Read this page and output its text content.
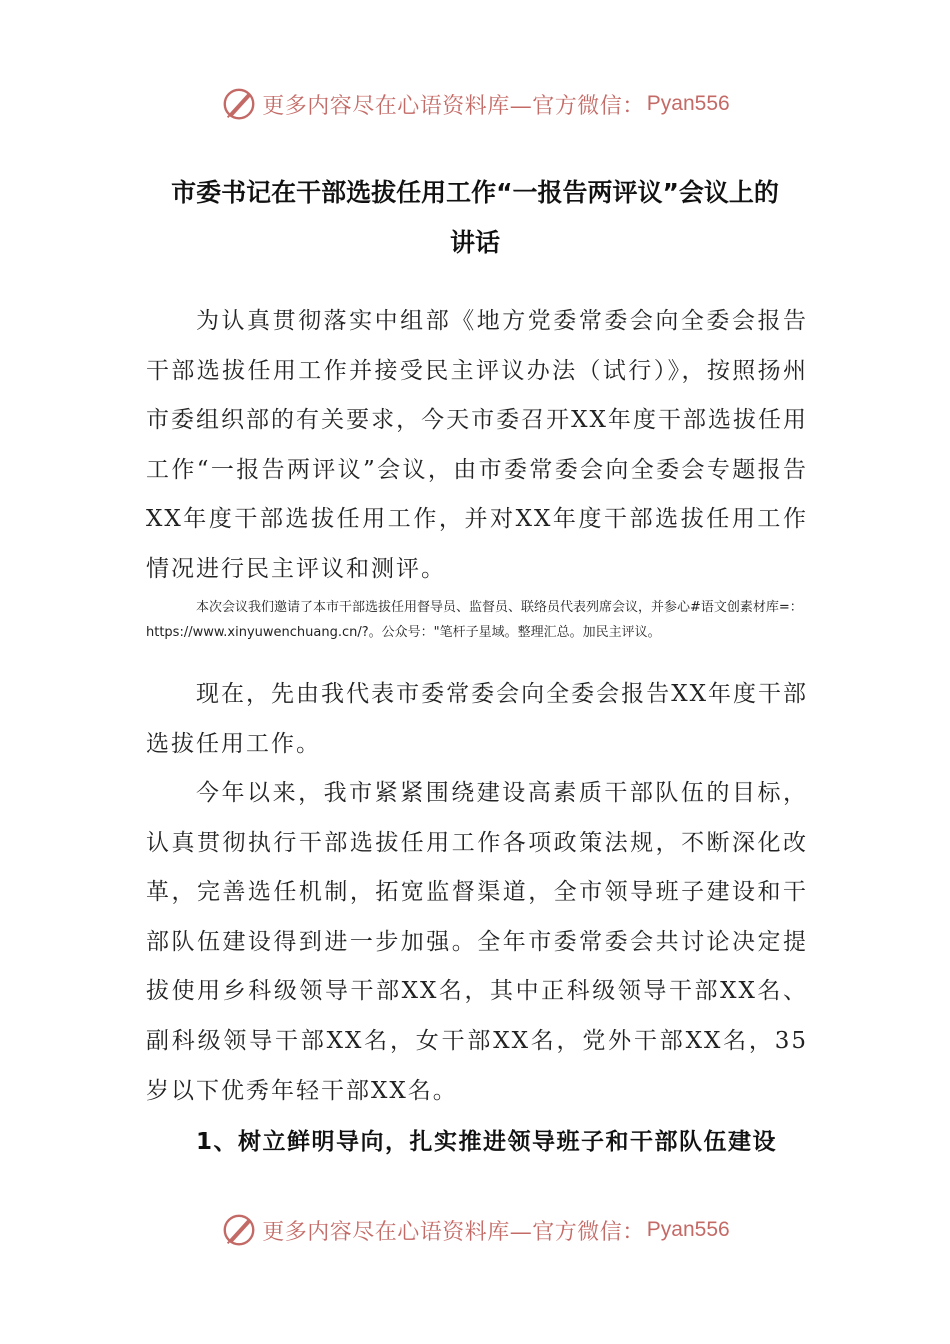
更多内容尽在心语资料库—官方微信： Pyan556
市委书记在干部选拔任用工作“一报告两评议”会议上的
讲话
为认真贯彻落实中组部《地方党委常委会向全委会报告干部选拔任用工作并接受民主评议办法（试行）》，按照扬州市委组织部的有关要求，今天市委召开XX年度干部选拔任用工作“一报告两评议”会议，由市委常委会向全委会专题报告XX年度干部选拔任用工作，并对XX年度干部选拔任用工作情况进行民主评议和测评。
本次会议我们邀请了本市干部选拔任用督导员、监督员、联络员代表列席会议，并参心#语文创素材库=：https://www.xinyuwenchuang.cn/?。公众号："笔杆子星域。整理汇总。加民主评议。
现在，先由我代表市委常委会向全委会报告XX年度干部选拔任用工作。
今年以来，我市紧紧围绕建设高素质干部队伍的目标，认真贯彻执行干部选拔任用工作各项政策法规，不断深化改革，完善选任机制，拓宽监督渠道，全市领导班子建设和干部队伍建设得到进一步加强。全年市委常委会共讨论决定提拔使用乡科级领导干部XX名，其中正科级领导干部XX名、副科级领导干部XX名，女干部XX名，党外干部XX名，35岁以下优秀年轻干部XX名。
1、树立鲜明导向，扎实推进领导班子和干部队伍建设
更多内容尽在心语资料库—官方微信： Pyan556
